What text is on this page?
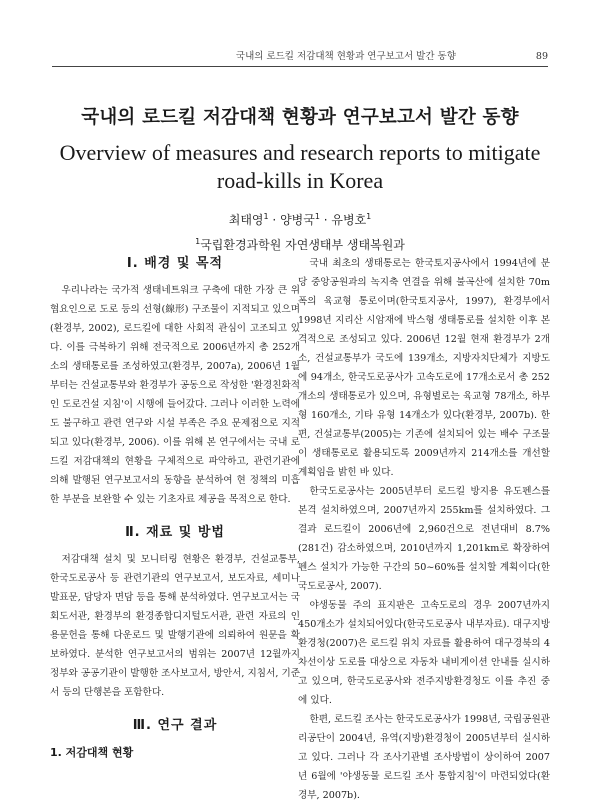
국내의 로드킬 저감대책 현황과 연구보고서 발간 동향	89
국내의 로드킬 저감대책 현황과 연구보고서 발간 동향
Overview of measures and research reports to mitigate
road-kills in Korea
최태영$^1$ · 양병국$^1$ · 유병호$^1$
$^1$국립환경과학원 자연생태부 생태복원과
Ⅰ. 배경 및 목적

우리나라는 국가적 생태네트워크 구축에 대한 가장 큰 위협요인으로 도로 등의 선형(線形) 구조물이 지적되고 있으며(환경부, 2002), 로드킬에 대한 사회적 관심이 고조되고 있다. 이를 극복하기 위해 전국적으로 2006년까지 총 252개소의 생태통로를 조성하였고(환경부, 2007a), 2006년 1월부터는 건설교통부와 환경부가 공동으로 작성한 '환경친화적인 도로건설 지침'이 시행에 들어갔다. 그러나 이러한 노력에도 불구하고 관련 연구와 시설 부족은 주요 문제점으로 지적되고 있다(환경부, 2006). 이를 위해 본 연구에서는 국내 로드킬 저감대책의 현황을 구체적으로 파악하고, 관련기관에 의해 발행된 연구보고서의 동향을 분석하여 현 정책의 미흡한 부분을 보완할 수 있는 기초자료 제공을 목적으로 한다.

Ⅱ. 재료 및 방법

저감대책 설치 및 모니터링 현황은 환경부, 건설교통부, 한국도로공사 등 관련기관의 연구보고서, 보도자료, 세미나 발표문, 담당자 면담 등을 통해 분석하였다. 연구보고서는 국회도서관, 환경부의 환경종합디지털도서관, 관련 자료의 인용문헌을 통해 다운로드 및 발행기관에 의뢰하여 원문을 확보하였다. 분석한 연구보고서의 범위는 2007년 12월까지 정부와 공공기관이 발행한 조사보고서, 방안서, 지침서, 기준서 등의 단행본을 포함한다.

Ⅲ. 연구 결과
1. 저감대책 현황

국내 최초의 생태통로는 한국토지공사에서 1994년에 분당 중앙공원과의 녹지축 연결을 위해 불곡산에 설치한 70m 폭의 육교형 통로이며(한국토지공사, 1997), 환경부에서 1998년 지리산 시암재에 박스형 생태통로를 설치한 이후 본격적으로 조성되고 있다. 2006년 12월 현재 환경부가 2개소, 건설교통부가 국도에 139개소, 지방자치단체가 지방도에 94개소, 한국도로공사가 고속도로에 17개소로서 총 252개소의 생태통로가 있으며, 유형별로는 육교형 78개소, 하부형 160개소, 기타 유형 14개소가 있다(환경부, 2007b). 한편, 건설교통부(2005)는 기존에 설치되어 있는 배수 구조물이 생태통로로 활용되도록 2009년까지 214개소를 개선할 계획임을 밝힌 바 있다.

한국도로공사는 2005년부터 로드킬 방지용 유도펜스를 본격 설치하였으며, 2007년까지 255km를 설치하였다. 그 결과 로드킬이 2006년에 2,960건으로 전년대비 8.7%(281건) 감소하였으며, 2010년까지 1,201km로 확장하여 펜스 설치가 가능한 구간의 50~60%를 설치할 계획이다(한국도로공사, 2007).

야생동물 주의 표지판은 고속도로의 경우 2007년까지 450개소가 설치되어있다(한국도로공사 내부자료). 대구지방환경청(2007)은 로드킬 위치 자료를 활용하여 대구경북의 4차선이상 도로를 대상으로 자동차 내비게이션 안내를 실시하고 있으며, 한국도로공사와 전주지방환경청도 이를 추진 중에 있다.

한편, 로드킬 조사는 한국도로공사가 1998년, 국립공원관리공단이 2004년, 유역(지방)환경청이 2005년부터 실시하고 있다. 그러나 각 조사기관별 조사방법이 상이하여 2007년 6월에 '야생동물 로드킬 조사 통합지침'이 마련되었다(환경부, 2007b).
